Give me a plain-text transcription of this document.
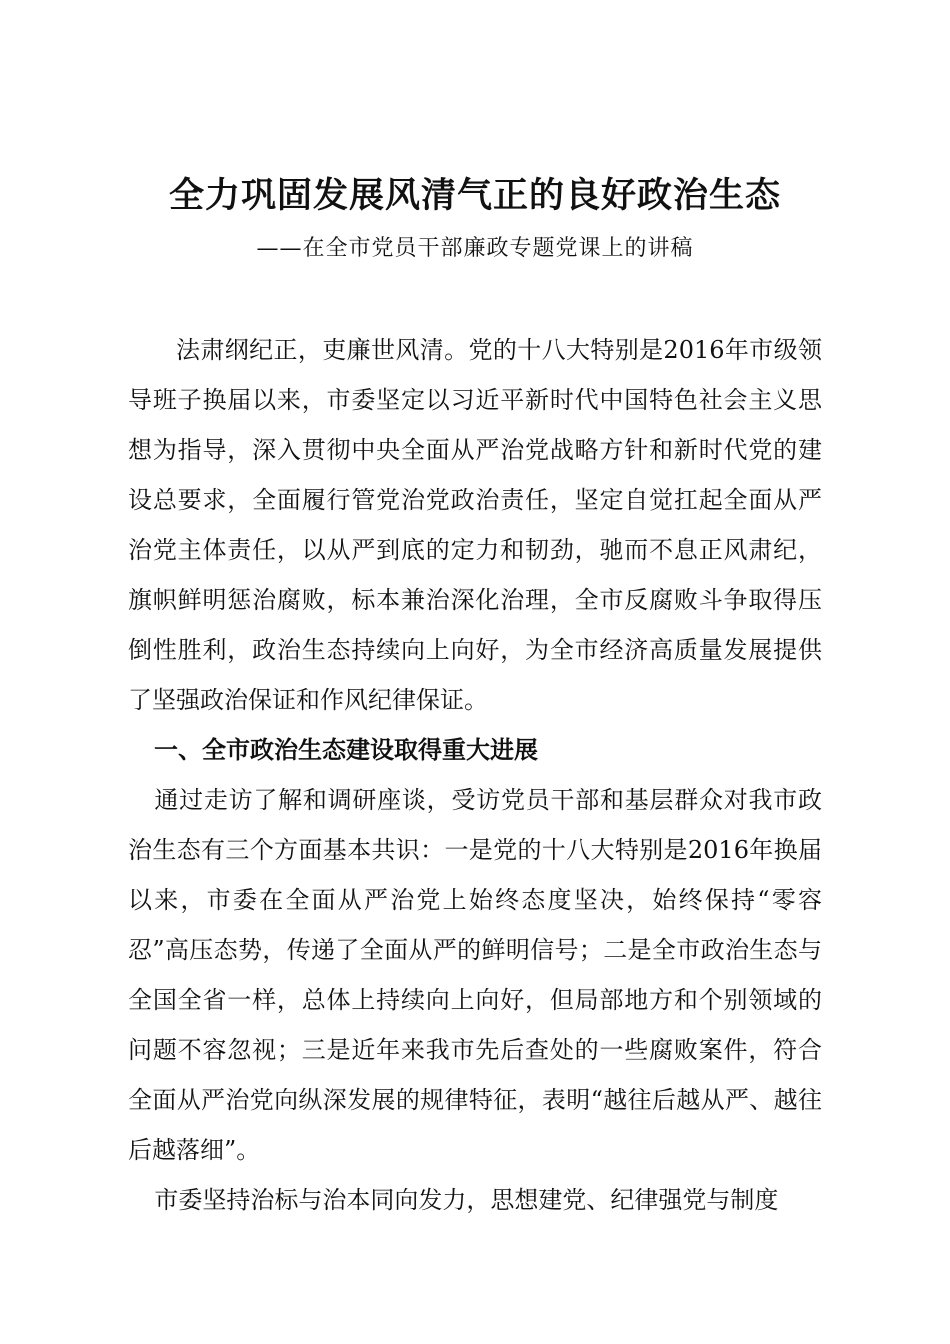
全力巩固发展风清气正的良好政治生态
——在全市党员干部廉政专题党课上的讲稿

法肃纲纪正，吏廉世风清。党的十八大特别是2016年市级领导班子换届以来，市委坚定以习近平新时代中国特色社会主义思想为指导，深入贯彻中央全面从严治党战略方针和新时代党的建设总要求，全面履行管党治党政治责任，坚定自觉扛起全面从严治党主体责任，以从严到底的定力和韧劲，驰而不息正风肃纪，旗帜鲜明惩治腐败，标本兼治深化治理，全市反腐败斗争取得压倒性胜利，政治生态持续向上向好，为全市经济高质量发展提供了坚强政治保证和作风纪律保证。

一、全市政治生态建设取得重大进展

通过走访了解和调研座谈，受访党员干部和基层群众对我市政治生态有三个方面基本共识：一是党的十八大特别是2016年换届以来，市委在全面从严治党上始终态度坚决，始终保持“零容忍”高压态势，传递了全面从严的鲜明信号；二是全市政治生态与全国全省一样，总体上持续向上向好，但局部地方和个别领域的问题不容忽视；三是近年来我市先后查处的一些腐败案件，符合全面从严治党向纵深发展的规律特征，表明“越往后越从严、越往后越落细”。

市委坚持治标与治本同向发力，思想建党、纪律强党与制度
